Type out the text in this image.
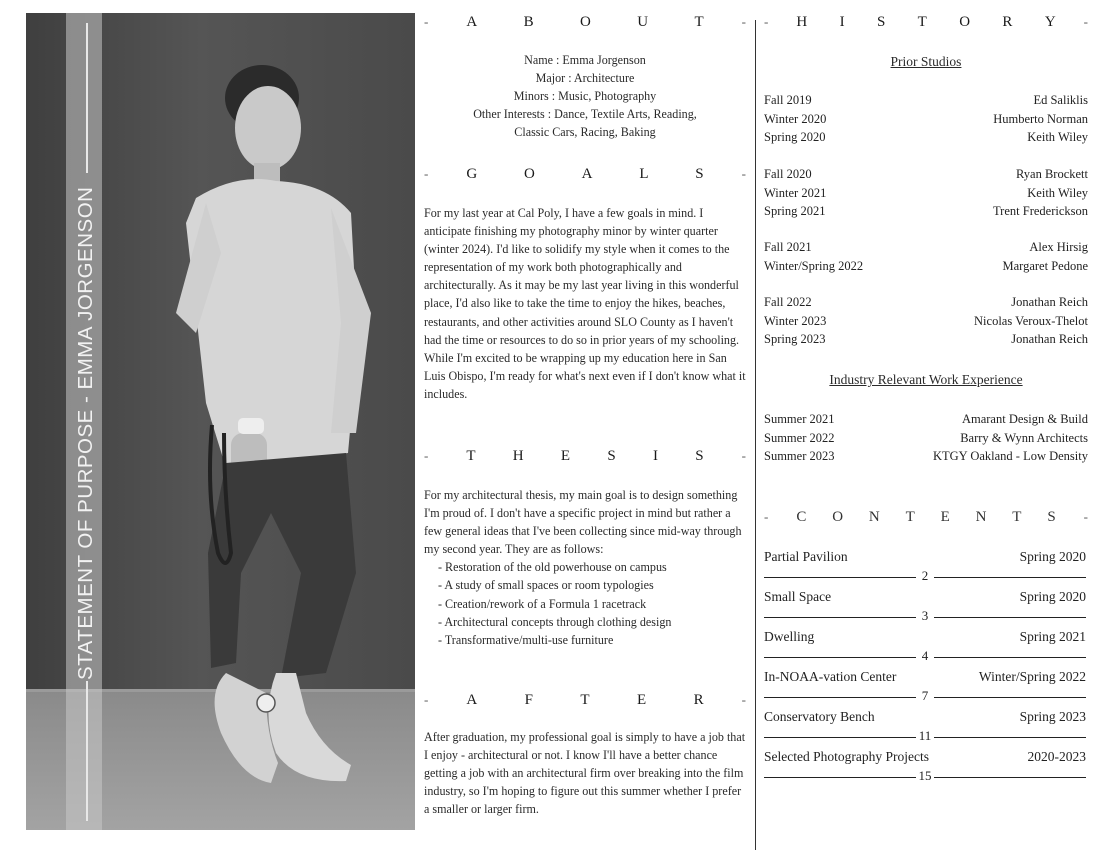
STATEMENT OF PURPOSE - EMMA JORGENSON
-	A	B	O	U	T	-
Name : Emma Jorgenson
Major : Architecture
Minors : Music, Photography
Other Interests : Dance, Textile Arts, Reading,
Classic Cars, Racing, Baking
-	G	O	A	L	S	-
For my last year at Cal Poly, I have a few goals in mind. I anticipate finishing my photography minor by winter quarter (winter 2024). I'd like to solidify my style when it comes to the representation of my work both photographically and architecturally. As it may be my last year living in this wonderful place, I'd also like to take the time to enjoy the hikes, beaches, restaurants, and other activities around SLO County as I haven't had the time or resources to do so in prior years of my schooling. While I'm excited to be wrapping up my education here in San Luis Obispo, I'm ready for what's next even if I don't know what it includes.
-	T H E S I S	-
For my architectural thesis, my main goal is to design something I'm proud of. I don't have a specific project in mind but rather a few general ideas that I've been collecting since mid-way through my second year. They are as follows:
- Restoration of the old powerhouse on campus
- A study of small spaces or room typologies
- Creation/rework of a Formula 1 racetrack
- Architectural concepts through clothing design
- Transformative/multi-use furniture
-	A	F	T	E	R	-
After graduation, my professional goal is simply to have a job that I enjoy - architectural or not. I know I'll have a better chance getting a job with an architectural firm over breaking into the film industry, so I'm hoping to figure out this summer whether I prefer a smaller or larger firm.
- H I S T O R Y -
Prior Studios
Fall 2019	Ed Saliklis
Winter 2020	Humberto Norman
Spring 2020	Keith Wiley
Fall 2020	Ryan Brockett
Winter 2021	Keith Wiley
Spring 2021	Trent Frederickson
Fall 2021	Alex Hirsig
Winter/Spring 2022	Margaret Pedone
Fall 2022	Jonathan Reich
Winter 2023	Nicolas Veroux-Thelot
Spring 2023	Jonathan Reich
Industry Relevant Work Experience
Summer 2021	Amarant Design & Build
Summer 2022	Barry & Wynn Architects
Summer 2023	KTGY Oakland - Low Density
- C O N T E N T S -
Partial Pavilion	Spring 2020
2
Small Space	Spring 2020
3
Dwelling	Spring 2021
4
In-NOAA-vation Center	Winter/Spring 2022
7
Conservatory Bench	Spring 2023
11
Selected Photography Projects	2020-2023
15
